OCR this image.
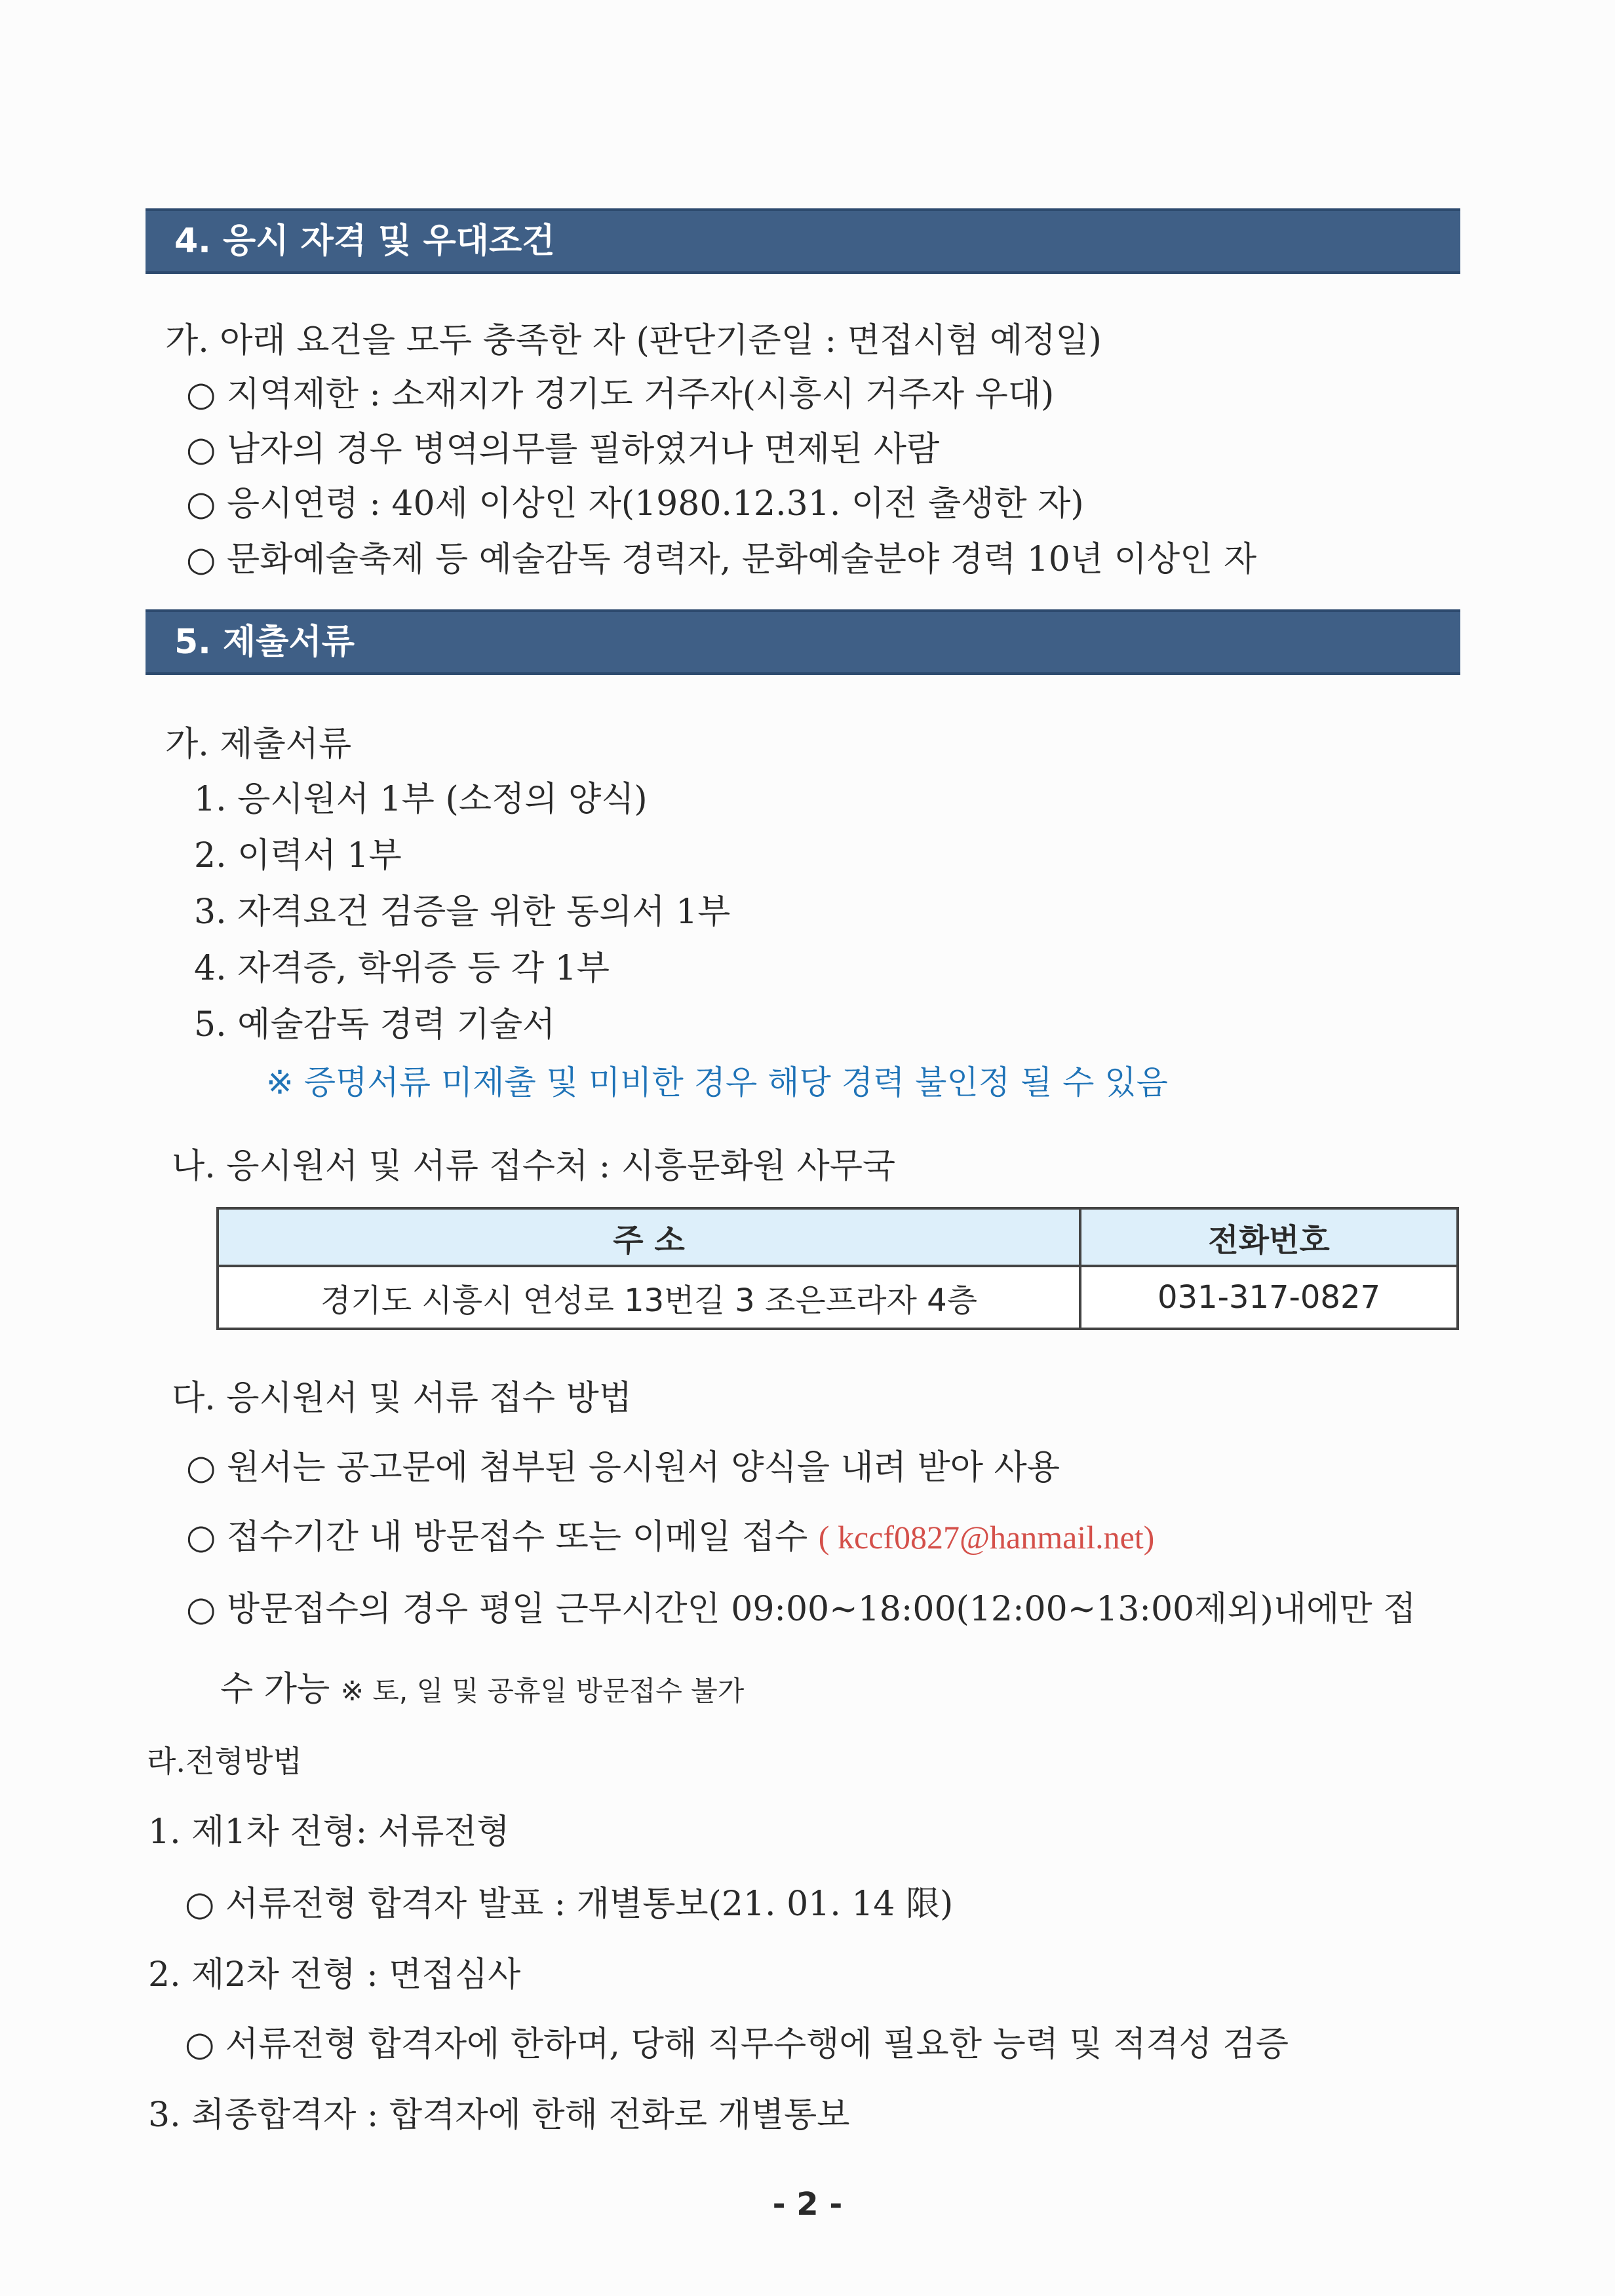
4. 응시 자격 및 우대조건
가. 아래 요건을 모두 충족한 자 (판단기준일 : 면접시험 예정일)
○ 지역제한 : 소재지가 경기도 거주자(시흥시 거주자 우대)
○ 남자의 경우 병역의무를 필하였거나 면제된 사람
○ 응시연령 : 40세 이상인 자(1980.12.31. 이전 출생한 자)
○ 문화예술축제 등 예술감독 경력자, 문화예술분야 경력 10년 이상인 자
5. 제출서류
가. 제출서류
1. 응시원서 1부 (소정의 양식)
2. 이력서 1부
3. 자격요건 검증을 위한 동의서 1부
4. 자격증, 학위증 등 각 1부
5. 예술감독 경력 기술서
※ 증명서류 미제출 및 미비한 경우 해당 경력 불인정 될 수 있음
나. 응시원서 및 서류 접수처 : 시흥문화원 사무국
주 소	전화번호
경기도 시흥시 연성로 13번길 3 조은프라자 4층	031-317-0827
다. 응시원서 및 서류 접수 방법
○ 원서는 공고문에 첨부된 응시원서 양식을 내려 받아 사용
○ 접수기간 내 방문접수 또는 이메일 접수 ( kccf0827@hanmail.net)
○ 방문접수의 경우 평일 근무시간인 09:00~18:00(12:00~13:00제외)내에만 접
수 가능 ※ 토, 일 및 공휴일 방문접수 불가
라.전형방법
1. 제1차 전형: 서류전형
○ 서류전형 합격자 발표 : 개별통보(21. 01. 14 限)
2. 제2차 전형 : 면접심사
○ 서류전형 합격자에 한하며, 당해 직무수행에 필요한 능력 및 적격성 검증
3. 최종합격자 : 합격자에 한해 전화로 개별통보
- 2 -
